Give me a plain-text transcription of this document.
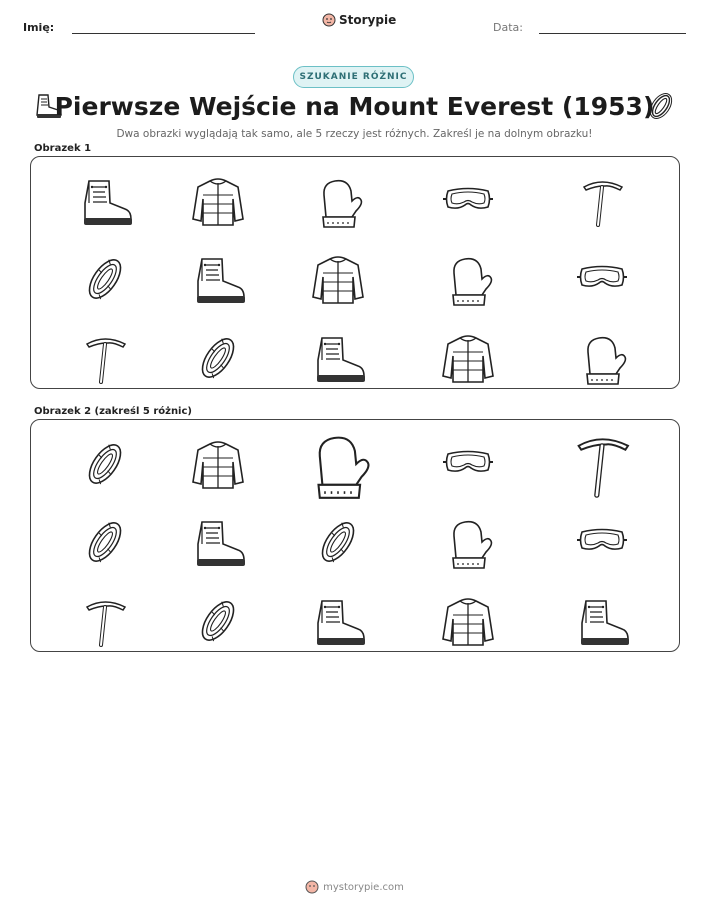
Imię:
Storypie
Data:
SZUKANIE RÓŻNIC
Pierwsze Wejście na Mount Everest (1953)
Dwa obrazki wyglądają tak samo, ale 5 rzeczy jest różnych. Zakreśl je na dolnym obrazku!
Obrazek 1
Obrazek 2 (zakreśl 5 różnic)
mystorypie.com
